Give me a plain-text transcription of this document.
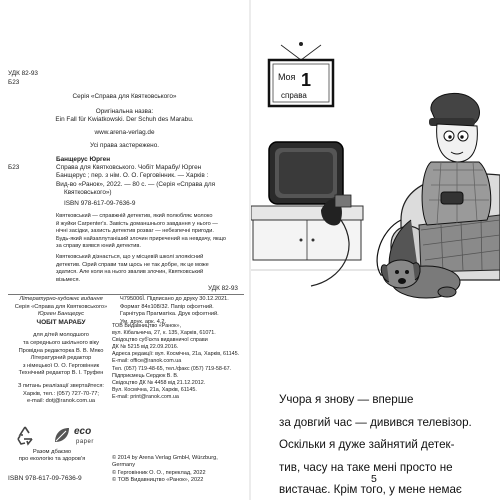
УДК 82-93
Б23
Серія «Справа для Квятковського»
Оригінальна назва:
Ein Fall für Kwiatkowski. Der Schuh des Marabu.
www.arena-verlag.de
Усі права застережено.
Банщерус Юрген
Б23	Справа для Квятковського. Чобіт Марабу/ Юрген
Банщерус ; пер. з нім. О. О. Герговінник. — Харків :
Вид-во «Ранок», 2022. — 80 с. — (Серія «Справа для
Квятковського»)
ISBN 978-617-09-7636-9
Квятковський — справжній детектив, який полюбляє молоко
й жуйки Carpenter's. Завість доманшнього завдання у нього —
нічні засідки, захисть детектив розваг — небезпечні пригоди.
Будь-який найзаплутаніший злочин приречений на невдачу, якщо
за справу взявся юний детектив.
Квятковський дізнається, що у місцевій школі злоякісний
детектив. Сірий справи там щось не так добре, як це може
здатися. Але коли на нього звалив злочин, Квятковський
візьмеся.
УДК 82-93
Літературно-художнє видання
Серія «Справа для Квятковського»
Юрген Банщерус
ЧОБІТ МАРАБУ
для дітей молодшого
та середнього шкільного віку
Провідна редакторка В. В. Мяко
Літературний редактор
з німецької О. О. Герговінник
Технічний редактор В. І. Труфен
З питань реалізації звертайтеся:
Харків, тел.: (057) 727-70-77;
e-mail: dotj@ranok.com.ua
Ч795006Ї. Підписано до друку 30.12.2021.
Формат 84х108/32. Папір офсетний.
Гарнітура Прагматіка. Друк офсетний.
Ум. друк. арк. 4,2.
eco
paper
Разом дбаємо
про екологію та здоров'я
ISBN 978-617-09-7636-9
ТОВ Видавництво «Ранок»,
вул. Кібальчича, 27, к. 135, Харків, 61071.
Свідоцтво суб'єкта видавничої справи
ДК № 5215 від 22.09.2016.
Адреса редакції: вул. Космічна, 21а, Харків, 61145.
E-mail: office@ranok.com.ua
Тел. (057) 719-48-65, тел./факс (057) 719-58-67.
Підприємець Сердюк В. В.
Свідоцтво ДК № 4458 від 21.12.2012.
Вул. Космічна, 21а, Харків, 61145.
E-mail: print@ranok.com.ua
© 2014 by Arena Verlag GmbH, Würzburg,
Germany
© Герговінник О. О., переклад, 2022
© ТОВ Видавництво «Ранок», 2022
Mоя 1
справа
Учора я знову — вперше
за довгий час — дивився телевізор.
Оскільки я дуже зайнятий детек-
тив, часу на таке мені просто не
вистачає. Крім того, у мене немає
5
